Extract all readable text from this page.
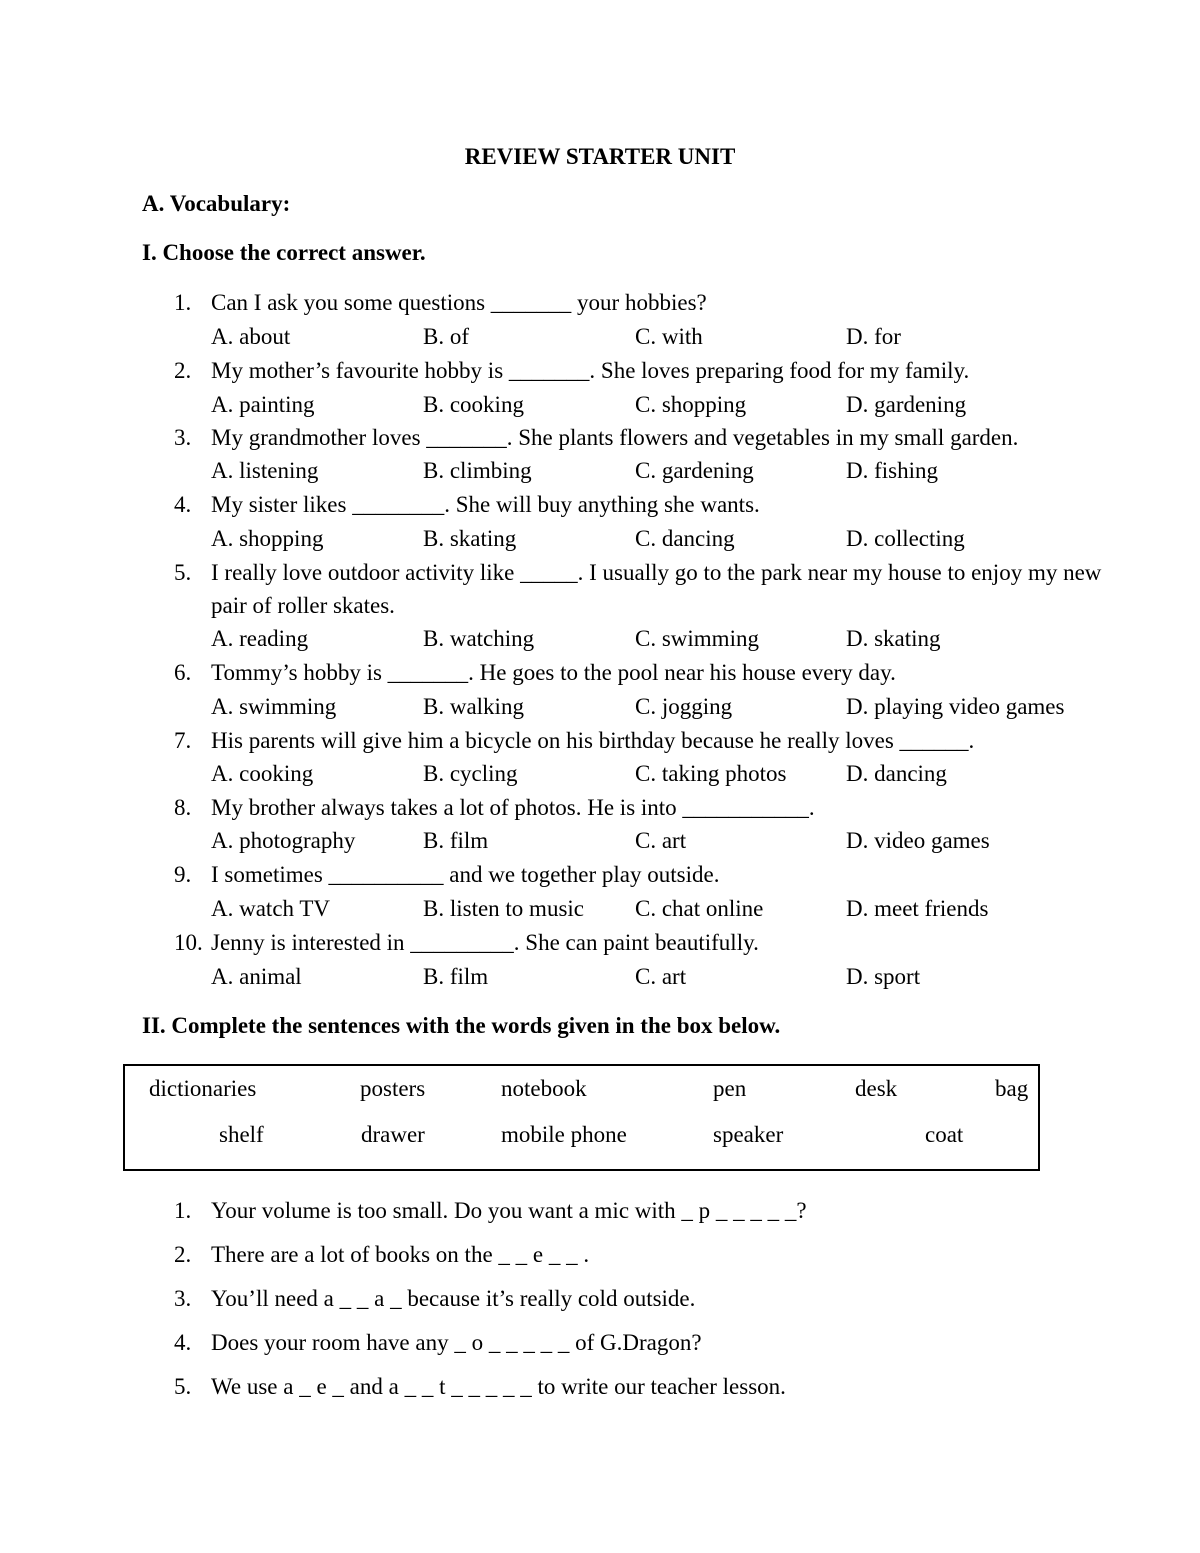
REVIEW STARTER UNIT
A. Vocabulary:
I. Choose the correct answer.
1. Can I ask you some questions _______ your hobbies?
A. about	B. of	C. with	D. for
2. My mother’s favourite hobby is _______. She loves preparing food for my family.
A. painting	B. cooking	C. shopping	D. gardening
3. My grandmother loves _______. She plants flowers and vegetables in my small garden.
A. listening	B. climbing	C. gardening	D. fishing
4. My sister likes ________. She will buy anything she wants.
A. shopping	B. skating	C. dancing	D. collecting
5. I really love outdoor activity like _____. I usually go to the park near my house to enjoy my new pair of roller skates.
A. reading	B. watching	C. swimming	D. skating
6. Tommy’s hobby is _______. He goes to the pool near his house every day.
A. swimming	B. walking	C. jogging	D. playing video games
7. His parents will give him a bicycle on his birthday because he really loves ______.
A. cooking	B. cycling	C. taking photos	D. dancing
8. My brother always takes a lot of photos. He is into ___________.
A. photography	B. film	C. art	D. video games
9. I sometimes __________ and we together play outside.
A. watch TV	B. listen to music C. chat online	D. meet friends
10. Jenny is interested in _________. She can paint beautifully.
A. animal	B. film	C. art	D. sport
II. Complete the sentences with the words given in the box below.
dictionaries	posters	notebook	pen	desk	bag
shelf	drawer	mobile phone	speaker	coat
1. Your volume is too small. Do you want a mic with _ p _ _ _ _ _?
2. There are a lot of books on the _ _ e _ _ .
3. You’ll need a _ _ a _ because it’s really cold outside.
4. Does your room have any _ o _ _ _ _ _ of G.Dragon?
5. We use a _ e _ and a _ _ t _ _ _ _ _ to write our teacher lesson.
